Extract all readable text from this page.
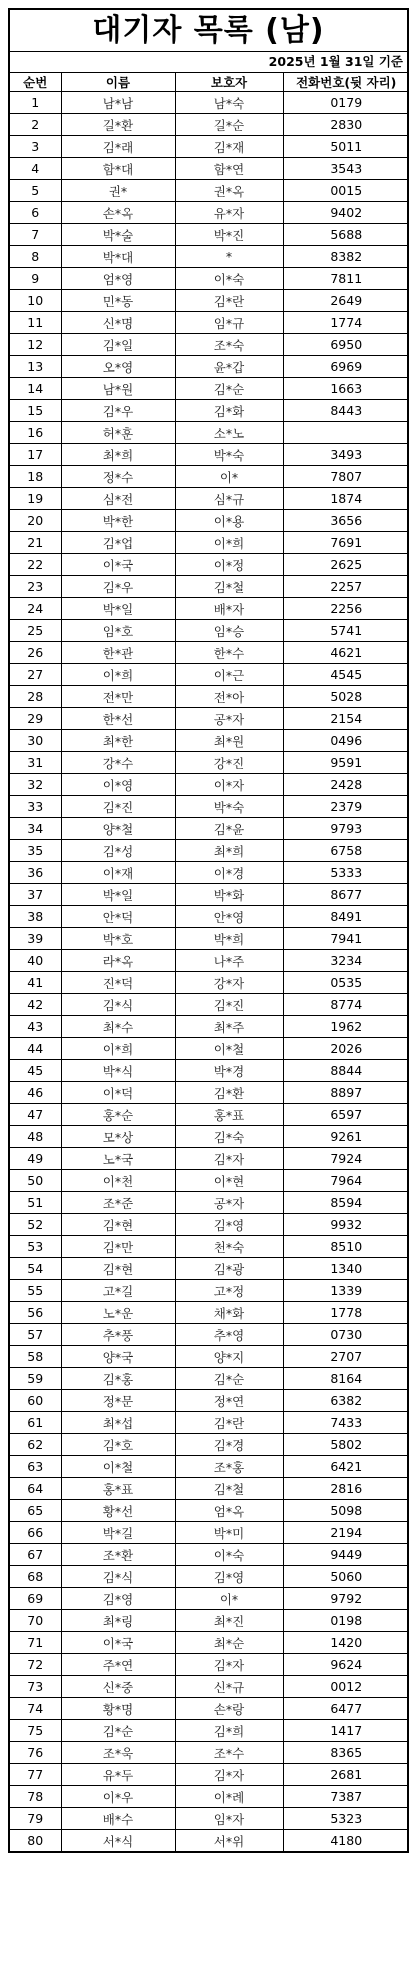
대기자 목록 (남)
2025년 1월 31일 기준
순번	이름	보호자	전화번호(뒷 자리)
1	남*남	남*숙	0179
2	길*환	길*순	2830
3	김*래	김*재	5011
4	함*대	함*연	3543
5	권*	권*옥	0015
6	손*옥	유*자	9402
7	박*술	박*진	5688
8	박*대	*	8382
9	엄*영	이*숙	7811
10	민*동	김*란	2649
11	신*명	임*규	1774
12	김*일	조*숙	6950
13	오*영	윤*갑	6969
14	남*원	김*순	1663
15	김*우	김*화	8443
16	허*훈	소*노	
17	최*희	박*숙	3493
18	정*수	이*	7807
19	심*전	심*규	1874
20	박*한	이*용	3656
21	김*업	이*희	7691
22	이*국	이*정	2625
23	김*우	김*철	2257
24	박*일	배*자	2256
25	임*호	임*승	5741
26	한*관	한*수	4621
27	이*희	이*근	4545
28	전*만	전*아	5028
29	한*선	공*자	2154
30	최*한	최*원	0496
31	강*수	강*진	9591
32	이*영	이*자	2428
33	김*진	박*숙	2379
34	양*철	김*윤	9793
35	김*성	최*희	6758
36	이*재	이*경	5333
37	박*일	박*화	8677
38	안*덕	안*영	8491
39	박*호	박*희	7941
40	라*옥	나*주	3234
41	진*덕	강*자	0535
42	김*식	김*진	8774
43	최*수	최*주	1962
44	이*희	이*철	2026
45	박*식	박*경	8844
46	이*덕	김*환	8897
47	홍*순	홍*표	6597
48	모*상	김*숙	9261
49	노*국	김*자	7924
50	이*천	이*현	7964
51	조*준	공*자	8594
52	김*현	김*영	9932
53	김*만	천*숙	8510
54	김*현	김*광	1340
55	고*길	고*정	1339
56	노*운	채*화	1778
57	추*풍	추*영	0730
58	양*국	양*지	2707
59	김*홍	김*순	8164
60	정*문	정*연	6382
61	최*섭	김*란	7433
62	김*호	김*경	5802
63	이*철	조*홍	6421
64	홍*표	김*철	2816
65	황*선	엄*옥	5098
66	박*길	박*미	2194
67	조*환	이*숙	9449
68	김*식	김*영	5060
69	김*영	이*	9792
70	최*링	최*진	0198
71	이*국	최*순	1420
72	주*연	김*자	9624
73	신*중	신*규	0012
74	황*명	손*랑	6477
75	김*순	김*희	1417
76	조*욱	조*수	8365
77	유*두	김*자	2681
78	이*우	이*례	7387
79	배*수	임*자	5323
80	서*식	서*위	4180
